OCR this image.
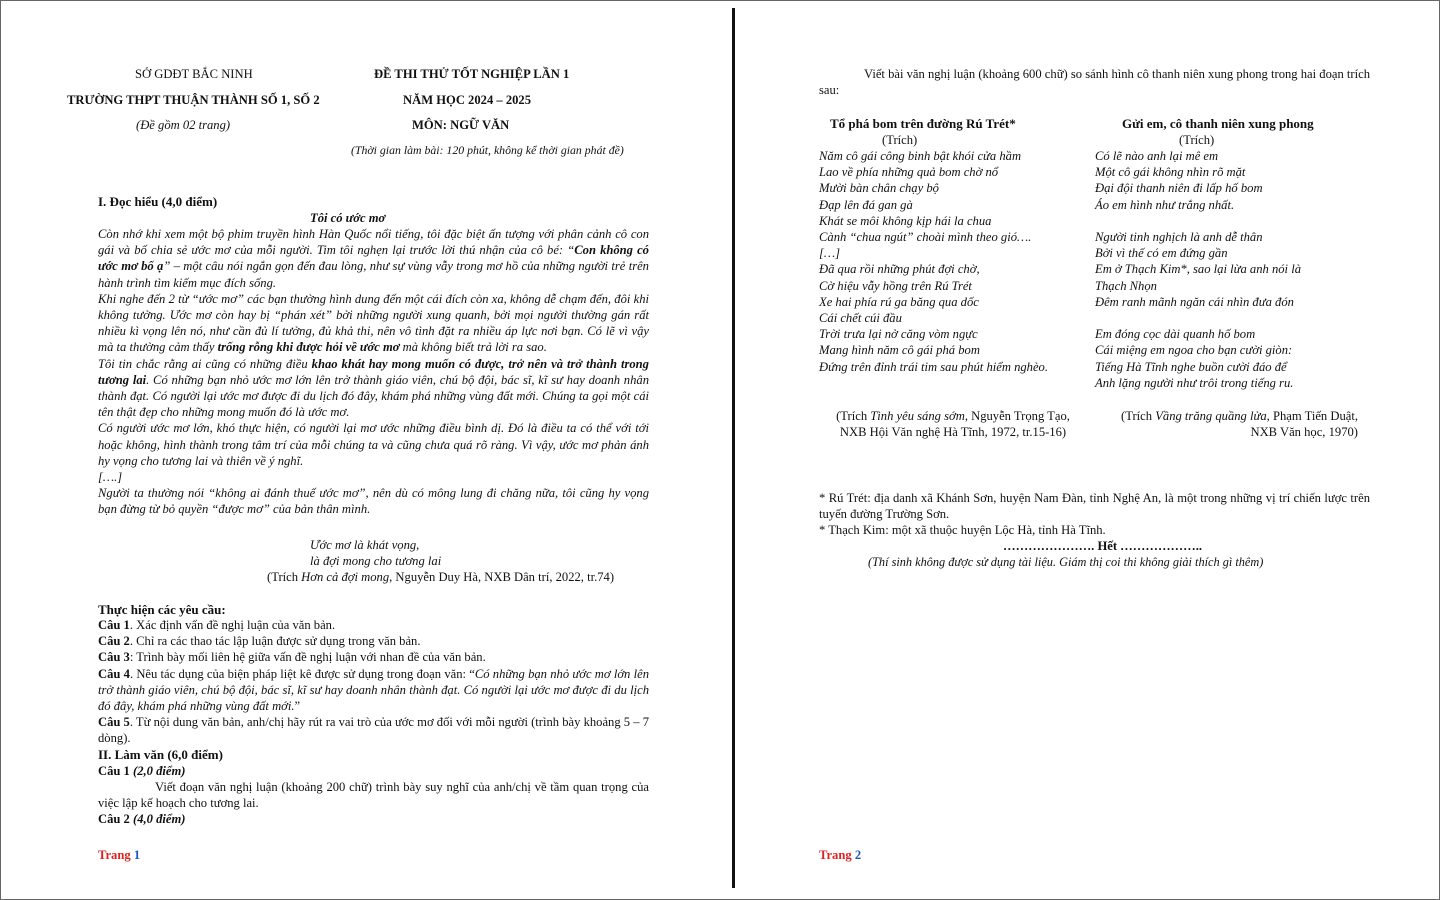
SỞ GDĐT BẮC NINH
TRƯỜNG THPT THUẬN THÀNH SỐ 1, SỐ 2
(Đề gồm 02 trang)
ĐỀ THI THỬ TỐT NGHIỆP LẦN 1
NĂM HỌC 2024 – 2025
MÔN: NGỮ VĂN
(Thời gian làm bài: 120 phút, không kể thời gian phát đề)
I. Đọc hiểu (4,0 điểm)
Tôi có ước mơ

Còn nhớ khi xem một bộ phim truyền hình Hàn Quốc nổi tiếng, tôi đặc biệt ấn tượng với phân cảnh cô con gái và bố chia sẻ ước mơ của mỗi người. Tim tôi nghẹn lại trước lời thú nhận của cô bé: “Con không có ước mơ bố ạ” – một câu nói ngắn gọn đến đau lòng, như sự vùng vẫy trong mơ hồ của những người trẻ trên hành trình tìm kiếm mục đích sống.

Khi nghe đến 2 từ “ước mơ” các bạn thường hình dung đến một cái đích còn xa, không dễ chạm đến, đôi khi không tưởng. Ước mơ còn hay bị “phán xét” bởi những người xung quanh, bởi mọi người thường gán rất nhiều kì vọng lên nó, như cần đủ lí tưởng, đủ khả thi, nên vô tình đặt ra nhiều áp lực nơi bạn. Có lẽ vì vậy mà ta thường cảm thấy trống rỗng khi được hỏi về ước mơ mà không biết trả lời ra sao.

Tôi tin chắc rằng ai cũng có những điều khao khát hay mong muốn có được, trở nên và trở thành trong tương lai. Có những bạn nhỏ ước mơ lớn lên trở thành giáo viên, chú bộ đội, bác sĩ, kĩ sư hay doanh nhân thành đạt. Có người lại ước mơ được đi du lịch đó đây, khám phá những vùng đất mới. Chúng ta gọi một cái tên thật đẹp cho những mong muốn đó là ước mơ.

Có người ước mơ lớn, khó thực hiện, có người lại mơ ước những điều bình dị. Đó là điều ta có thể với tới hoặc không, hình thành trong tâm trí của mỗi chúng ta và cũng chưa quá rõ ràng. Vì vậy, ước mơ phản ánh hy vọng cho tương lai và thiên về ý nghĩ.

[….]

Người ta thường nói “không ai đánh thuế ước mơ”, nên dù có mông lung đi chăng nữa, tôi cũng hy vọng bạn đừng từ bỏ quyền “được mơ” của bản thân mình.

Ước mơ là khát vọng,
là đợi mong cho tương lai
(Trích Hơn cả đợi mong, Nguyễn Duy Hà, NXB Dân trí, 2022, tr.74)
Thực hiện các yêu cầu:

Câu 1. Xác định vấn đề nghị luận của văn bản.

Câu 2. Chỉ ra các thao tác lập luận được sử dụng trong văn bản.

Câu 3: Trình bày mối liên hệ giữa vấn đề nghị luận với nhan đề của văn bản.

Câu 4. Nêu tác dụng của biện pháp liệt kê được sử dụng trong đoạn văn: “Có những bạn nhỏ ước mơ lớn lên trở thành giáo viên, chú bộ đội, bác sĩ, kĩ sư hay doanh nhân thành đạt. Có người lại ước mơ được đi du lịch đó đây, khám phá những vùng đất mới.”

Câu 5. Từ nội dung văn bản, anh/chị hãy rút ra vai trò của ước mơ đối với mỗi người (trình bày khoảng 5 – 7 dòng).

II. Làm văn (6,0 điểm)

Câu 1 (2,0 điểm)

Viết đoạn văn nghị luận (khoảng 200 chữ) trình bày suy nghĩ của anh/chị về tầm quan trọng của việc lập kế hoạch cho tương lai.

Câu 2 (4,0 điểm)

Trang 1
Viết bài văn nghị luận (khoảng 600 chữ) so sánh hình cô thanh niên xung phong trong hai đoạn trích sau:
Tổ phá bom trên đường Rú Trét*
(Trích)
Năm cô gái công binh bật khói cửa hầm
Lao về phía những quả bom chờ nổ
Mười bàn chân chạy bộ
Đạp lên đá gan gà
Khát se môi không kịp hái la chua
Cành “chua ngút” choài mình theo gió….
[…]
Đã qua rồi những phút đợi chờ,
Cờ hiệu vẫy hồng trên Rú Trét
Xe hai phía rú ga băng qua dốc
Cái chết cúi đầu
Trời trưa lại nở căng vòm ngực
Mang hình năm cô gái phá bom
Đứng trên đỉnh trái tim sau phút hiểm nghèo.
Gửi em, cô thanh niên xung phong
(Trích)
Có lẽ nào anh lại mê em
Một cô gái không nhìn rõ mặt
Đại đội thanh niên đi lấp hố bom
Áo em hình như trắng nhất.

Người tinh nghịch là anh dễ thân
Bởi vì thế có em đứng gần
Em ở Thạch Kim*, sao lại lừa anh nói là
Thạch Nhọn
Đêm ranh mãnh ngăn cái nhìn đưa đón

Em đóng cọc dài quanh hố bom
Cái miệng em ngoa cho bạn cười giòn:
Tiếng Hà Tĩnh nghe buồn cười đáo để
Anh lặng người như trôi trong tiếng ru.
(Trích Tình yêu sáng sớm, Nguyễn Trọng Tạo, NXB Hội Văn nghệ Hà Tĩnh, 1972, tr.15-16)
(Trích Vầng trăng quầng lửa, Phạm Tiến Duật, NXB Văn học, 1970)
* Rú Trét: địa danh xã Khánh Sơn, huyện Nam Đàn, tỉnh Nghệ An, là một trong những vị trí chiến lược trên tuyến đường Trường Sơn.
* Thạch Kim: một xã thuộc huyện Lộc Hà, tỉnh Hà Tĩnh.
…………………. Hết ………………..
(Thí sinh không được sử dụng tài liệu. Giám thị coi thi không giải thích gì thêm)
Trang 2
